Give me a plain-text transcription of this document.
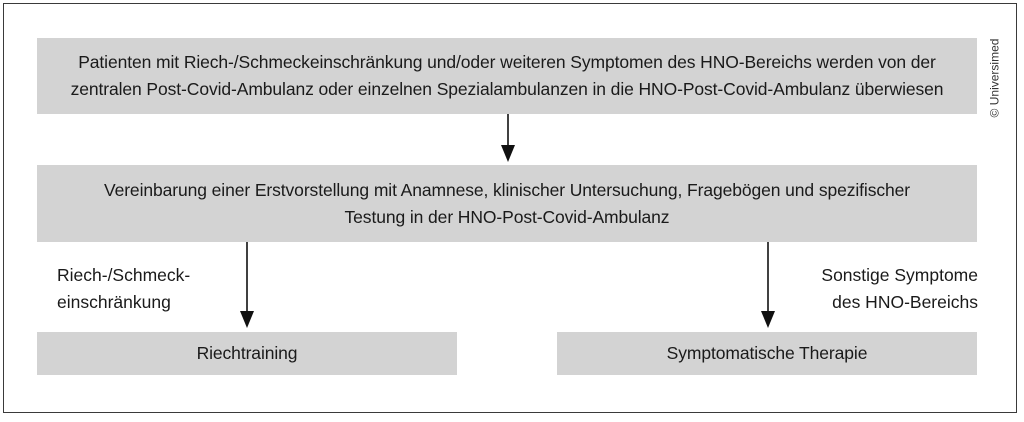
Patienten mit Riech-/Schmeckeinschränkung und/oder weiteren Symptomen des HNO-Bereichs werden von der
zentralen Post-Covid-Ambulanz oder einzelnen Spezialambulanzen in die HNO-Post-Covid-Ambulanz überwiesen
Vereinbarung einer Erstvorstellung mit Anamnese, klinischer Untersuchung, Fragebögen und spezifischer
Testung in der HNO-Post-Covid-Ambulanz
Riech-/Schmeck-
einschränkung
Sonstige Symptome
des HNO-Bereichs
Riechtraining	Symptomatische Therapie
© Universimed
